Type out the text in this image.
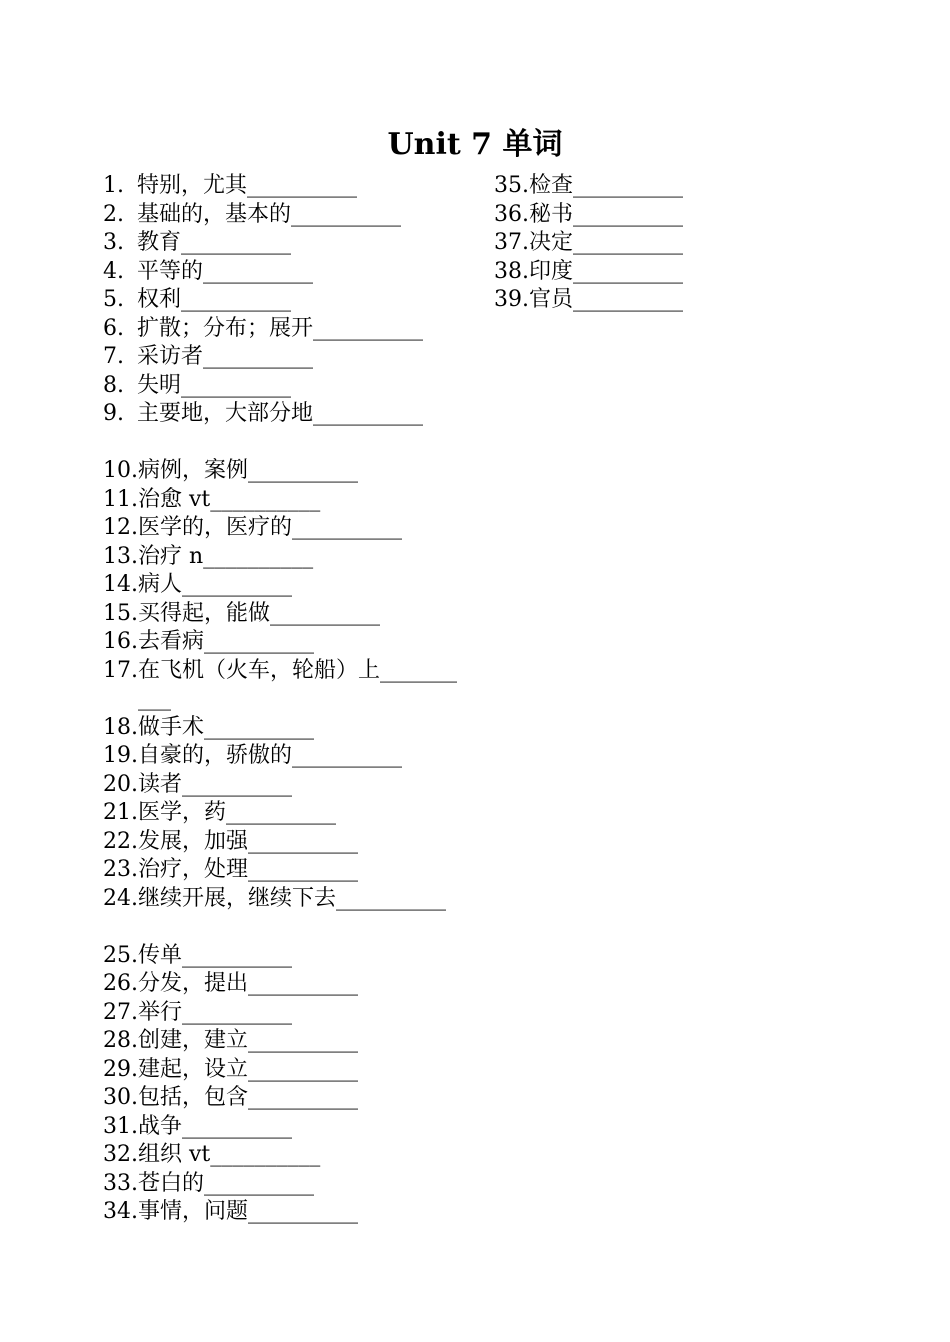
Unit 7 单词
1. 特别，尤其__________
2. 基础的，基本的__________
3. 教育__________
4. 平等的__________
5. 权利__________
6. 扩散；分布；展开__________
7. 采访者__________
8. 失明__________
9. 主要地，大部分地__________
10. 病例，案例__________
11. 治愈 vt__________
12. 医学的，医疗的__________
13. 治疗 n__________
14. 病人__________
15. 买得起，能做__________
16. 去看病__________
17. 在飞机（火车，轮船）上__________
18. 做手术__________
19. 自豪的，骄傲的__________
20. 读者__________
21. 医学，药__________
22. 发展，加强__________
23. 治疗，处理__________
24. 继续开展，继续下去__________
25. 传单__________
26. 分发，提出__________
27. 举行__________
28. 创建，建立__________
29. 建起，设立__________
30. 包括，包含__________
31. 战争__________
32. 组织 vt__________
33. 苍白的__________
34. 事情，问题__________
35. 检查__________
36. 秘书__________
37. 决定__________
38. 印度__________
39. 官员__________
